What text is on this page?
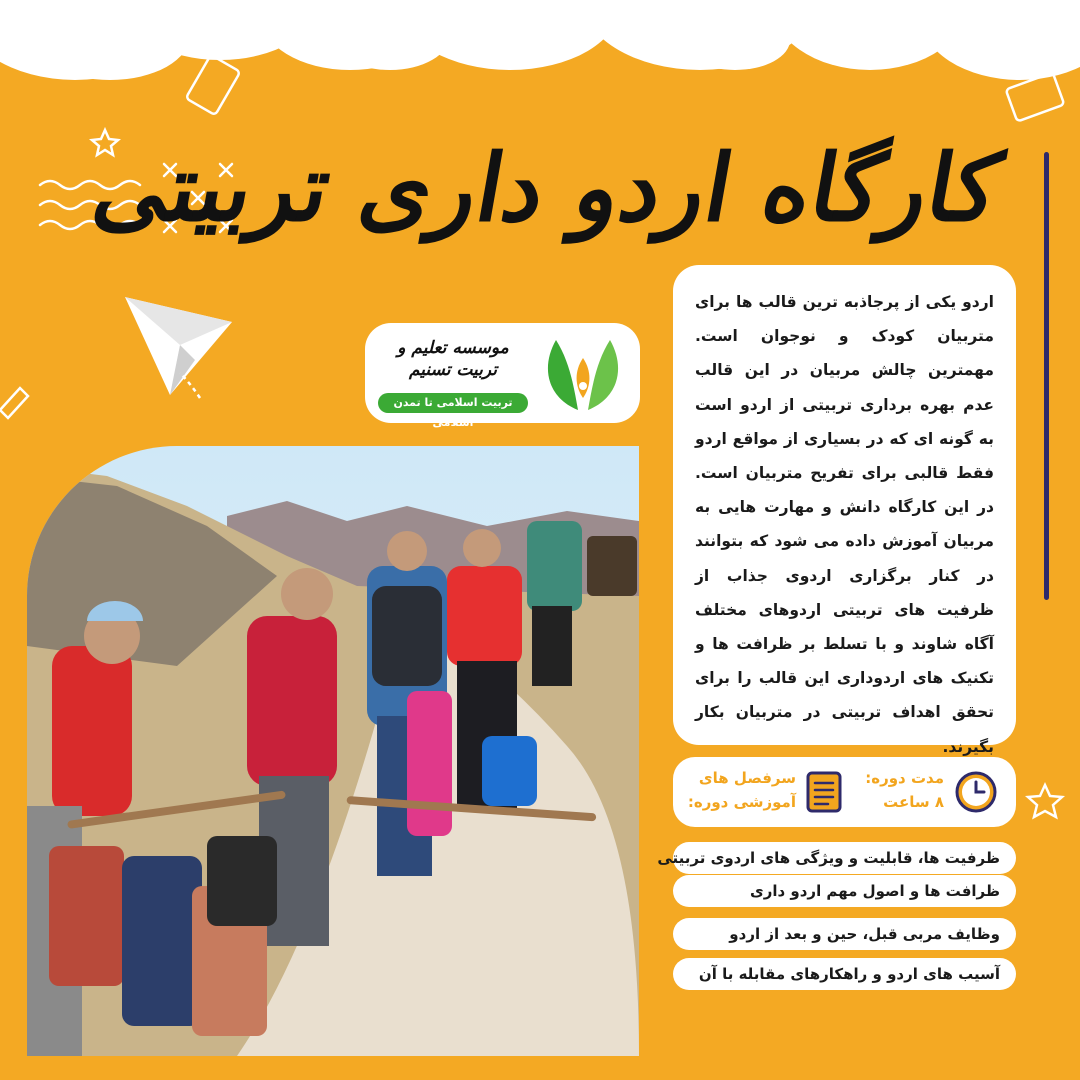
کارگاه اردو داری تربیتی
موسسه تعلیم و تربیت تسنیم
تربیت اسلامی تا تمدن اسلامی
اردو یکی از پرجاذبه ترین قالب ها برای متربیان کودک و نوجوان است. مهمترین چالش مربیان در این قالب عدم بهره برداری تربیتی از اردو است به گونه ای که در بسیاری از مواقع اردو فقط قالبی برای تفریح متربیان است. در این کارگاه دانش و مهارت هایی به مربیان آموزش داده می شود که بتوانند در کنار برگزاری اردوی جذاب از ظرفیت های تربیتی اردوهای مختلف آگاه شاوند و با تسلط بر ظرافت ها و تکنیک های اردوداری این قالب را برای تحقق اهداف تربیتی در متربیان بکار بگیرند.
مدت دوره:
۸ ساعت
سرفصل های
آموزشی دوره:
ظرفیت ها، قابلیت و ویژگی های اردوی تربیتی
ظرافت ها و اصول مهم اردو داری
وظایف مربی قبل، حین و بعد از اردو
آسیب های اردو و راهکارهای مقابله با آن
